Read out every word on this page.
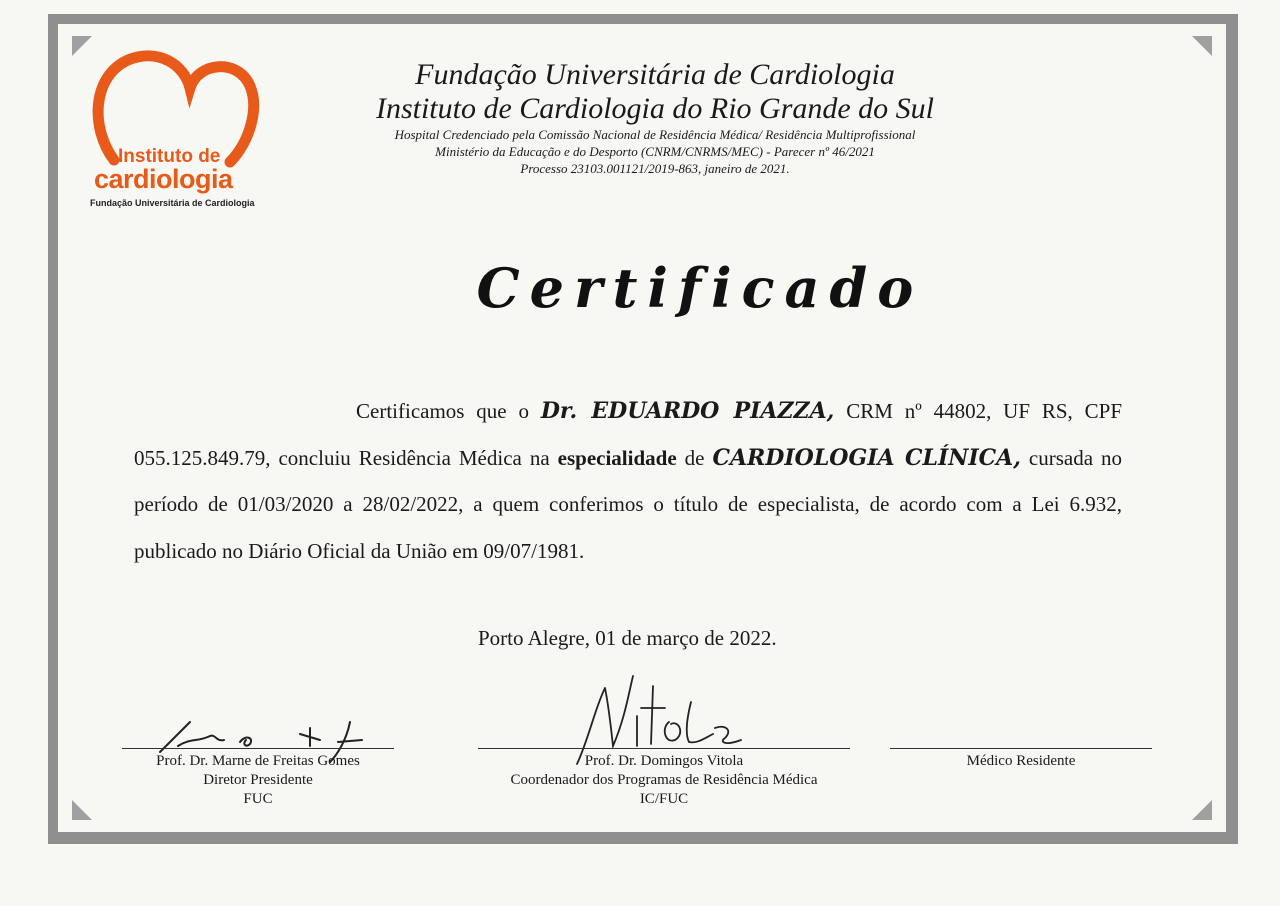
Instituto de
cardiologia
Fundação Universitária de Cardiologia
Fundação Universitária de Cardiologia
Instituto de Cardiologia do Rio Grande do Sul
Hospital Credenciado pela Comissão Nacional de Residência Médica/ Residência Multiprofissional
Ministério da Educação e do Desporto (CNRM/CNRMS/MEC) - Parecer nº 46/2021
Processo 23103.001121/2019-863, janeiro de 2021.
Certificado
Certificamos que o Dr. EDUARDO PIAZZA, CRM nº 44802, UF RS, CPF 055.125.849.79, concluiu Residência Médica na especialidade de CARDIOLOGIA CLÍNICA, cursada no período de 01/03/2020 a 28/02/2022, a quem conferimos o título de especialista, de acordo com a Lei 6.932, publicado no Diário Oficial da União em 09/07/1981.
Porto Alegre, 01 de março de 2022.
Prof. Dr. Marne de Freitas Gomes
Diretor Presidente
FUC
Prof. Dr. Domingos Vitola
Coordenador dos Programas de Residência Médica
IC/FUC
Médico Residente
